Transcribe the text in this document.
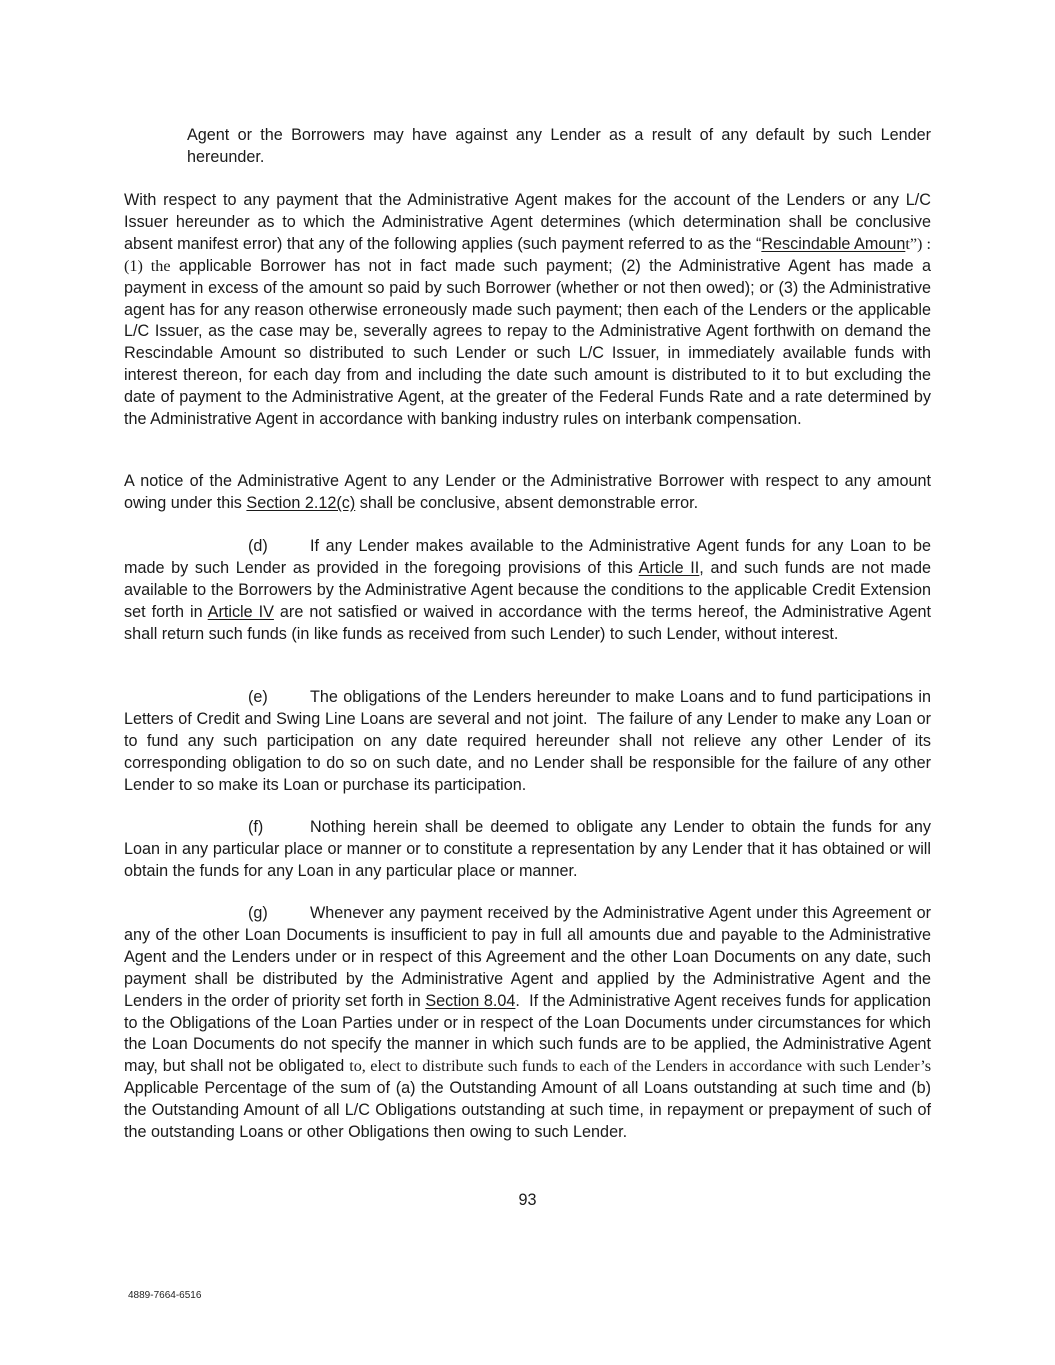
Agent or the Borrowers may have against any Lender as a result of any default by such Lender hereunder.

With respect to any payment that the Administrative Agent makes for the account of the Lenders or any L/C Issuer hereunder as to which the Administrative Agent determines (which determination shall be conclusive absent manifest error) that any of the following applies (such payment referred to as the “Rescindable Amount”) : (1) the applicable Borrower has not in fact made such payment; (2) the Administrative Agent has made a payment in excess of the amount so paid by such Borrower (whether or not then owed); or (3) the Administrative agent has for any reason otherwise erroneously made such payment; then each of the Lenders or the applicable L/C Issuer, as the case may be, severally agrees to repay to the Administrative Agent forthwith on demand the Rescindable Amount so distributed to such Lender or such L/C Issuer, in immediately available funds with interest thereon, for each day from and including the date such amount is distributed to it to but excluding the date of payment to the Administrative Agent, at the greater of the Federal Funds Rate and a rate determined by the Administrative Agent in accordance with banking industry rules on interbank compensation.

A notice of the Administrative Agent to any Lender or the Administrative Borrower with respect to any amount owing under this Section 2.12(c) shall be conclusive, absent demonstrable error.

(d)	If any Lender makes available to the Administrative Agent funds for any Loan to be made by such Lender as provided in the foregoing provisions of this Article II, and such funds are not made available to the Borrowers by the Administrative Agent because the conditions to the applicable Credit Extension set forth in Article IV are not satisfied or waived in accordance with the terms hereof, the Administrative Agent shall return such funds (in like funds as received from such Lender) to such Lender, without interest.

(e)	The obligations of the Lenders hereunder to make Loans and to fund participations in Letters of Credit and Swing Line Loans are several and not joint.  The failure of any Lender to make any Loan or to fund any such participation on any date required hereunder shall not relieve any other Lender of its corresponding obligation to do so on such date, and no Lender shall be responsible for the failure of any other Lender to so make its Loan or purchase its participation.

(f)	Nothing herein shall be deemed to obligate any Lender to obtain the funds for any Loan in any particular place or manner or to constitute a representation by any Lender that it has obtained or will obtain the funds for any Loan in any particular place or manner.

(g)	Whenever any payment received by the Administrative Agent under this Agreement or any of the other Loan Documents is insufficient to pay in full all amounts due and payable to the Administrative Agent and the Lenders under or in respect of this Agreement and the other Loan Documents on any date, such payment shall be distributed by the Administrative Agent and applied by the Administrative Agent and the Lenders in the order of priority set forth in Section 8.04.  If the Administrative Agent receives funds for application to the Obligations of the Loan Parties under or in respect of the Loan Documents under circumstances for which the Loan Documents do not specify the manner in which such funds are to be applied, the Administrative Agent may, but shall not be obligated to, elect to distribute such funds to each of the Lenders in accordance with such Lender’s Applicable Percentage of the sum of (a) the Outstanding Amount of all Loans outstanding at such time and (b) the Outstanding Amount of all L/C Obligations outstanding at such time, in repayment or prepayment of such of the outstanding Loans or other Obligations then owing to such Lender.

93
4889-7664-6516
